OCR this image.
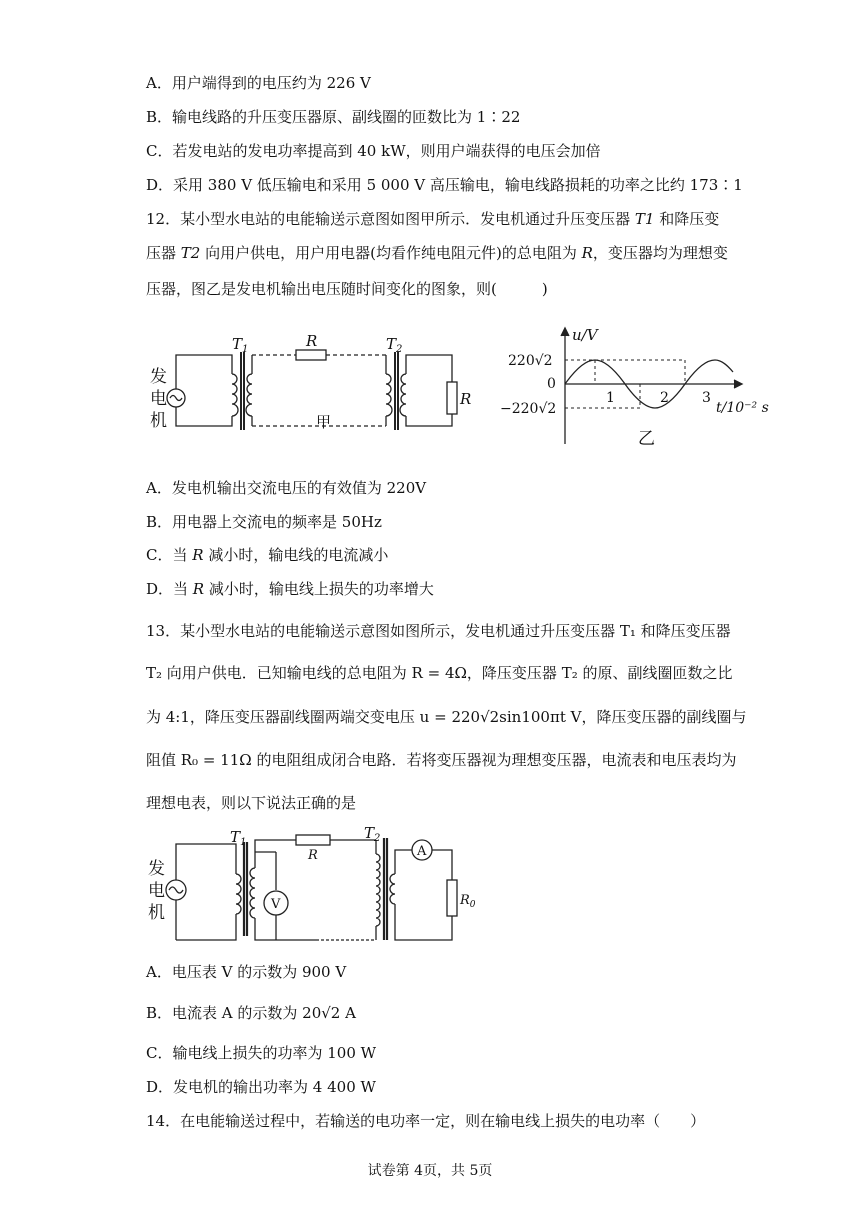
A．用户端得到的电压约为 226 V
B．输电线路的升压变压器原、副线圈的匝数比为 1∶22
C．若发电站的发电功率提高到 40 kW，则用户端获得的电压会加倍
D．采用 380 V 低压输电和采用 5 000 V 高压输电，输电线路损耗的功率之比约 173∶1
12．某小型水电站的电能输送示意图如图甲所示．发电机通过升压变压器 T1 和降压变
压器 T2 向用户供电，用户用电器(均看作纯电阻元件)的总电阻为 R，变压器均为理想变
压器，图乙是发电机输出电压随时间变化的图象，则(　　　)
发
电
机
$T_1$	R	$T_2$
R
甲
u/V
220√2
0
−220√2
1	2 3
t/10⁻² s
乙
A．发电机输出交流电压的有效值为 220V
B．用电器上交流电的频率是 50Hz
C．当 R 减小时，输电线的电流减小
D．当 R 减小时，输电线上损失的功率增大
13．某小型水电站的电能输送示意图如图所示，发电机通过升压变压器 T₁ 和降压变压器
T₂ 向用户供电．已知输电线的总电阻为 R = 4Ω，降压变压器 T₂ 的原、副线圈匝数之比
为 4:1，降压变压器副线圈两端交变电压 u = 220√2sin100πt V，降压变压器的副线圈与
阻值 R₀ = 11Ω 的电阻组成闭合电路．若将变压器视为理想变压器，电流表和电压表均为
理想电表，则以下说法正确的是
发
电
机
$T_1$
V
R
$T_2$
A
$R_0$
A．电压表 V 的示数为 900 V
B．电流表 A 的示数为 20√2 A
C．输电线上损失的功率为 100 W
D．发电机的输出功率为 4 400 W
14．在电能输送过程中，若输送的电功率一定，则在输电线上损失的电功率（　　）
试卷第 4页，共 5页
